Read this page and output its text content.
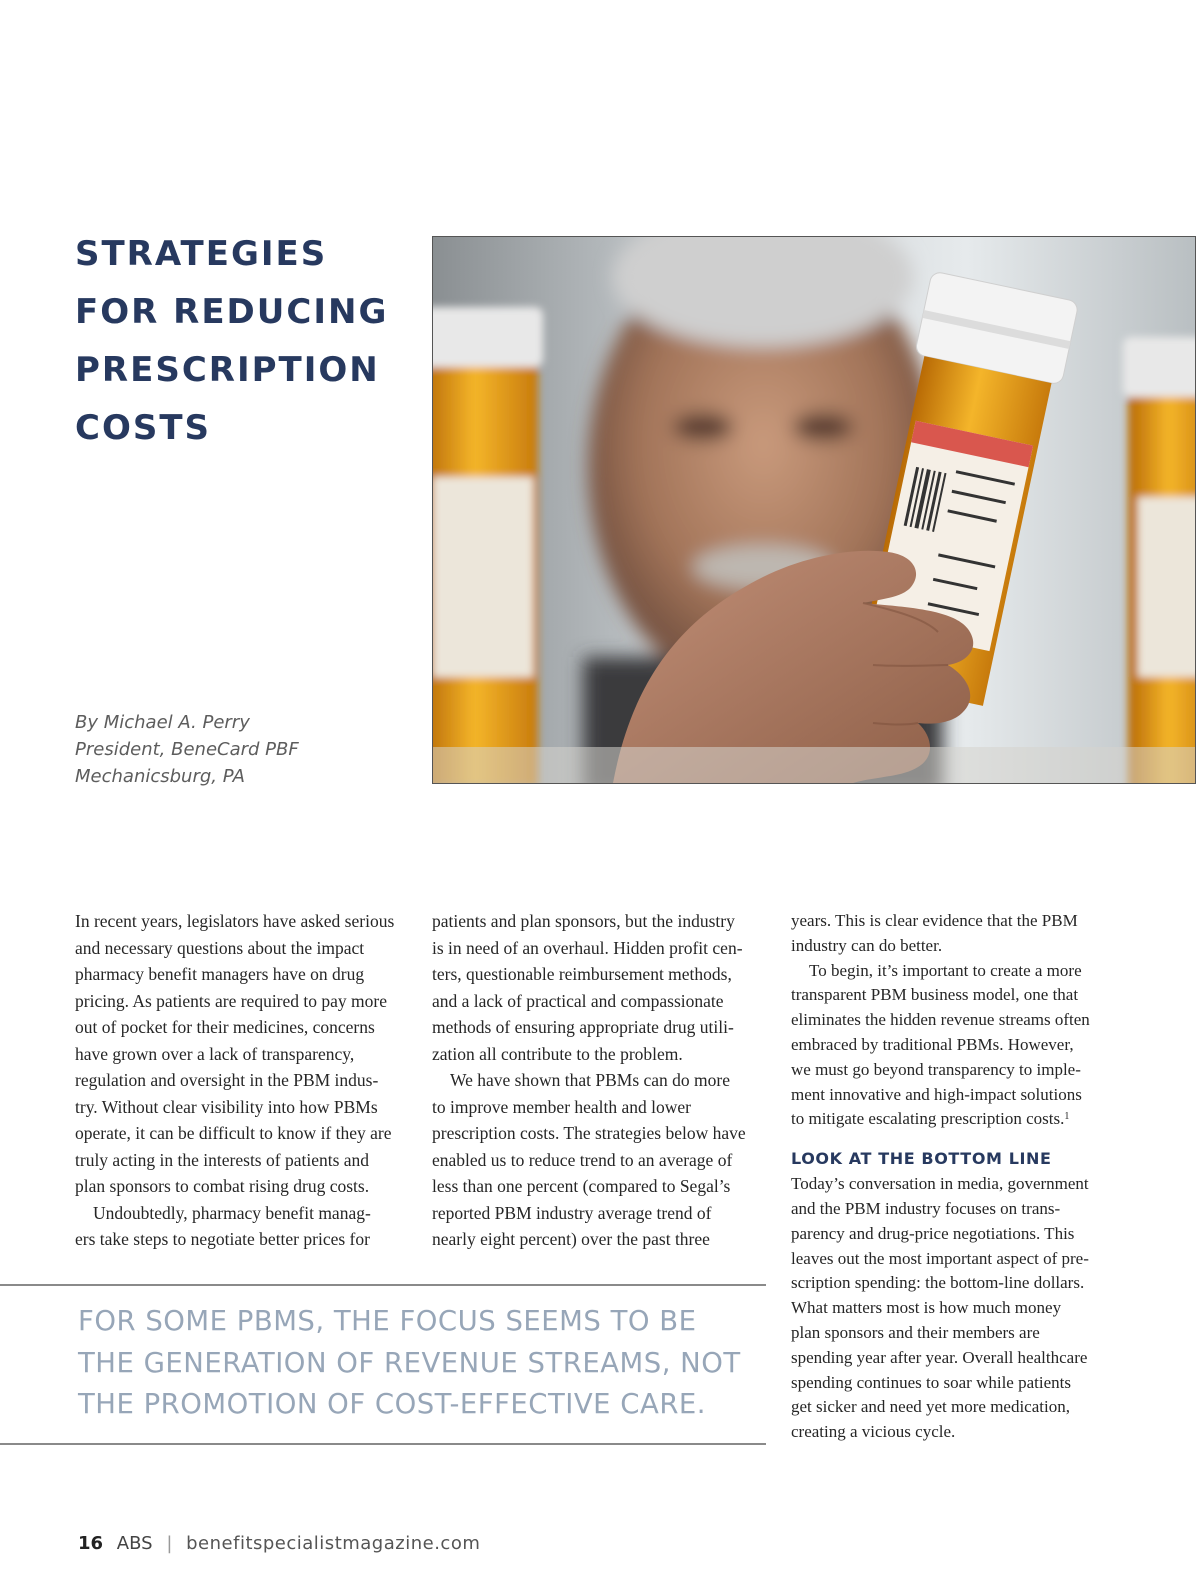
STRATEGIES
FOR REDUCING
PRESCRIPTION
COSTS
By Michael A. Perry
President, BeneCard PBF
Mechanicsburg, PA
In recent years, legislators have asked serious
and necessary questions about the impact
pharmacy benefit managers have on drug
pricing. As patients are required to pay more
out of pocket for their medicines, concerns
have grown over a lack of transparency,
regulation and oversight in the PBM indus-
try. Without clear visibility into how PBMs
operate, it can be difficult to know if they are
truly acting in the interests of patients and
plan sponsors to combat rising drug costs.
Undoubtedly, pharmacy benefit manag-
ers take steps to negotiate better prices for
patients and plan sponsors, but the industry
is in need of an overhaul. Hidden profit cen-
ters, questionable reimbursement methods,
and a lack of practical and compassionate
methods of ensuring appropriate drug utili-
zation all contribute to the problem.
We have shown that PBMs can do more
to improve member health and lower
prescription costs. The strategies below have
enabled us to reduce trend to an average of
less than one percent (compared to Segal’s
reported PBM industry average trend of
nearly eight percent) over the past three
years. This is clear evidence that the PBM
industry can do better.
To begin, it’s important to create a more
transparent PBM business model, one that
eliminates the hidden revenue streams often
embraced by traditional PBMs. However,
we must go beyond transparency to imple-
ment innovative and high-impact solutions
to mitigate escalating prescription costs.$^1$
LOOK AT THE BOTTOM LINE
Today’s conversation in media, government
and the PBM industry focuses on trans-
parency and drug-price negotiations. This
leaves out the most important aspect of pre-
scription spending: the bottom-line dollars.
What matters most is how much money
plan sponsors and their members are
spending year after year. Overall healthcare
spending continues to soar while patients
get sicker and need yet more medication,
creating a vicious cycle.
FOR SOME PBMS, THE FOCUS SEEMS TO BE
THE GENERATION OF REVENUE STREAMS, NOT
THE PROMOTION OF COST-EFFECTIVE CARE.
16 ABS | benefitspecialistmagazine.com
